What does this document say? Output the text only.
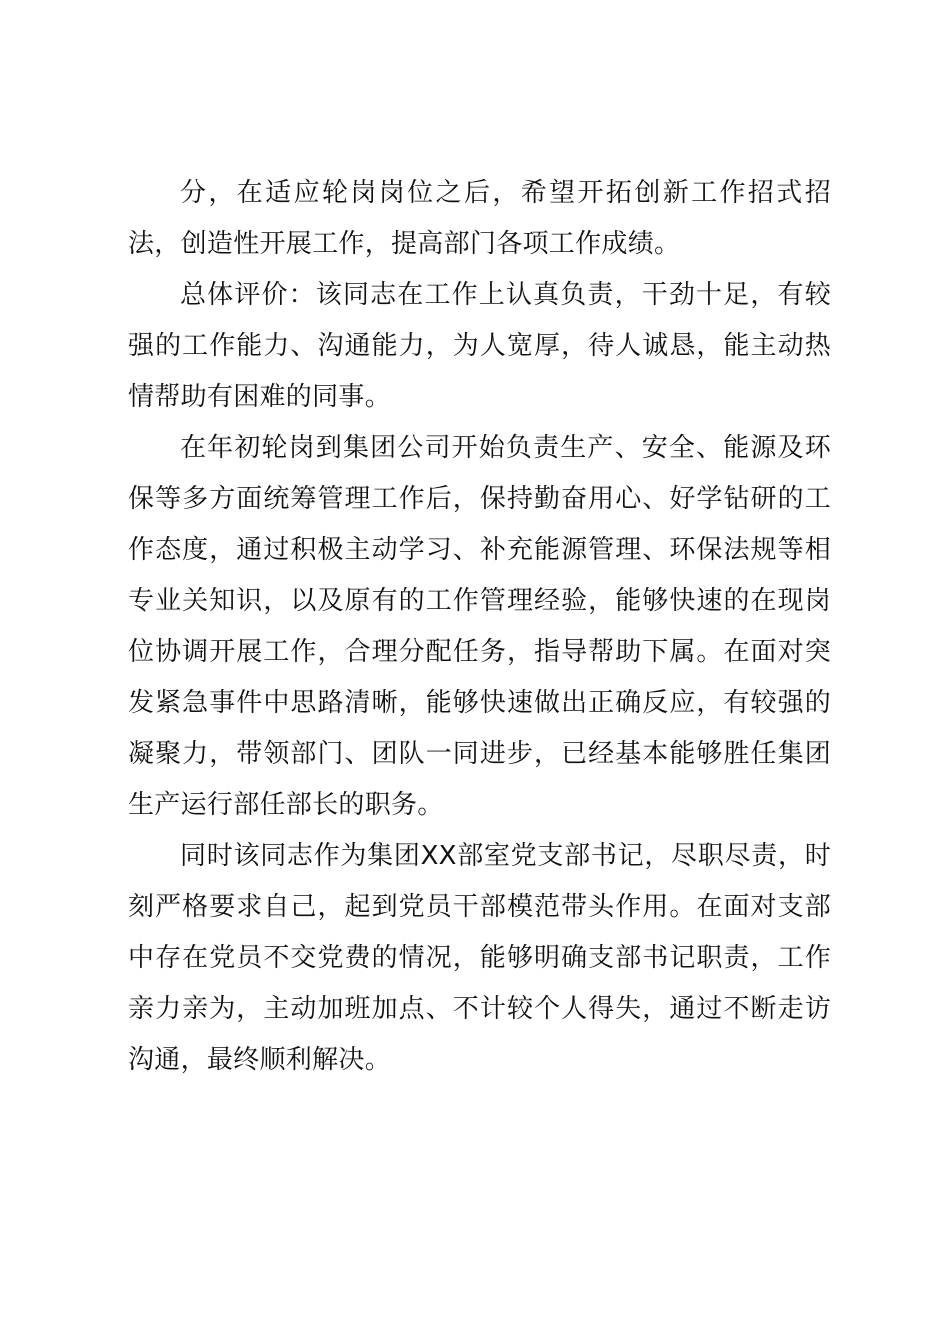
分，在适应轮岗岗位之后，希望开拓创新工作招式招法，创造性开展工作，提高部门各项工作成绩。

总体评价：该同志在工作上认真负责，干劲十足，有较强的工作能力、沟通能力，为人宽厚，待人诚恳，能主动热情帮助有困难的同事。

在年初轮岗到集团公司开始负责生产、安全、能源及环保等多方面统筹管理工作后，保持勤奋用心、好学钻研的工作态度，通过积极主动学习、补充能源管理、环保法规等相专业关知识，以及原有的工作管理经验，能够快速的在现岗位协调开展工作，合理分配任务，指导帮助下属。在面对突发紧急事件中思路清晰，能够快速做出正确反应，有较强的凝聚力，带领部门、团队一同进步，已经基本能够胜任集团生产运行部任部长的职务。

同时该同志作为集团XX部室党支部书记，尽职尽责，时刻严格要求自己，起到党员干部模范带头作用。在面对支部中存在党员不交党费的情况，能够明确支部书记职责，工作亲力亲为，主动加班加点、不计较个人得失，通过不断走访沟通，最终顺利解决。
